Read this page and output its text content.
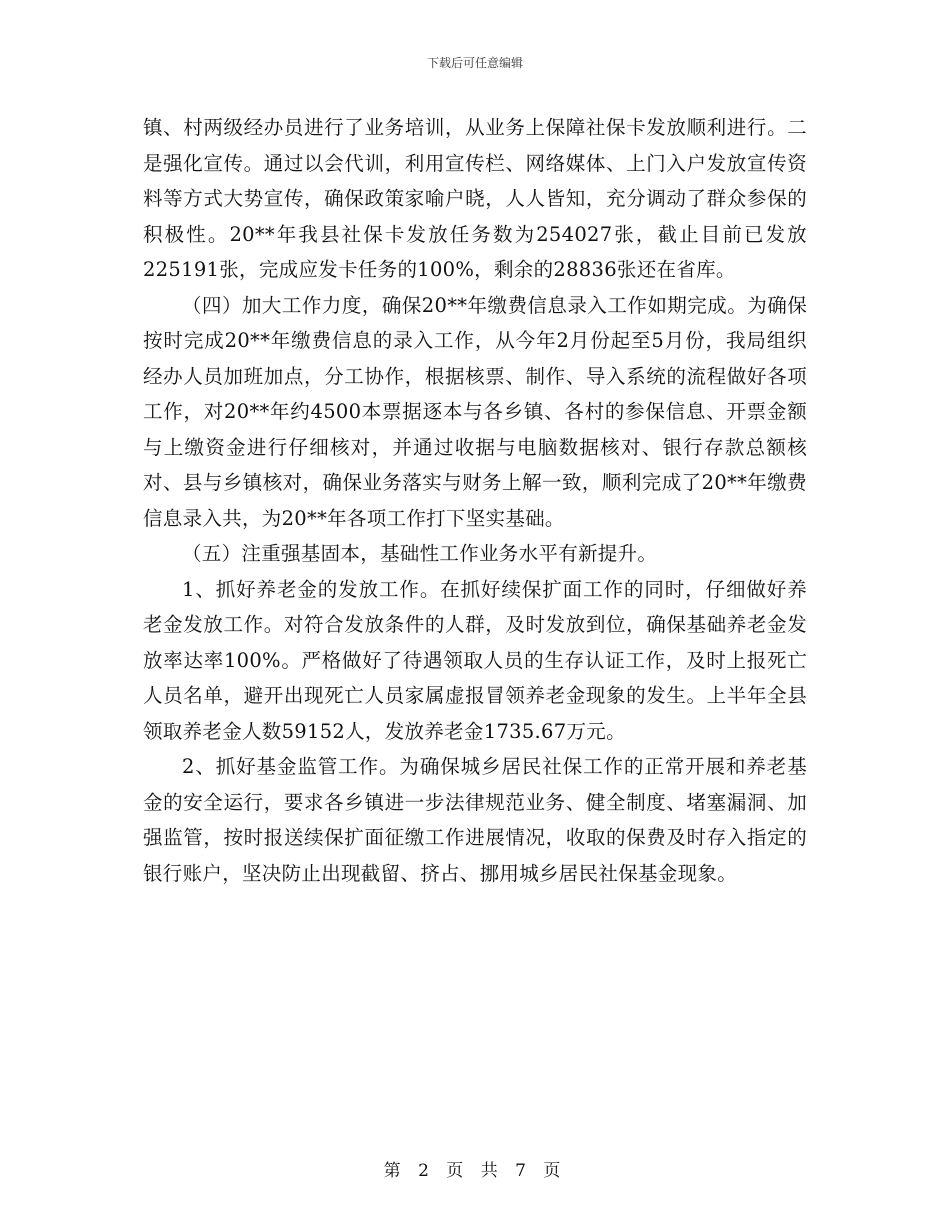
下载后可任意编辑

镇、村两级经办员进行了业务培训，从业务上保障社保卡发放顺利进行。二是强化宣传。通过以会代训，利用宣传栏、网络媒体、上门入户发放宣传资料等方式大势宣传，确保政策家喻户晓，人人皆知，充分调动了群众参保的积极性。20**年我县社保卡发放任务数为254027张，截止目前已发放225191张，完成应发卡任务的100%，剩余的28836张还在省库。

（四）加大工作力度，确保20**年缴费信息录入工作如期完成。为确保按时完成20**年缴费信息的录入工作，从今年2月份起至5月份，我局组织经办人员加班加点，分工协作，根据核票、制作、导入系统的流程做好各项工作，对20**年约4500本票据逐本与各乡镇、各村的参保信息、开票金额与上缴资金进行仔细核对，并通过收据与电脑数据核对、银行存款总额核对、县与乡镇核对，确保业务落实与财务上解一致，顺利完成了20**年缴费信息录入共，为20**年各项工作打下坚实基础。

（五）注重强基固本，基础性工作业务水平有新提升。

1、抓好养老金的发放工作。在抓好续保扩面工作的同时，仔细做好养老金发放工作。对符合发放条件的人群，及时发放到位，确保基础养老金发放率达率100%。严格做好了待遇领取人员的生存认证工作，及时上报死亡人员名单，避开出现死亡人员家属虚报冒领养老金现象的发生。上半年全县领取养老金人数59152人，发放养老金1735.67万元。

2、抓好基金监管工作。为确保城乡居民社保工作的正常开展和养老基金的安全运行，要求各乡镇进一步法律规范业务、健全制度、堵塞漏洞、加强监管，按时报送续保扩面征缴工作进展情况，收取的保费及时存入指定的银行账户，坚决防止出现截留、挤占、挪用城乡居民社保基金现象。

第 2 页 共 7 页
